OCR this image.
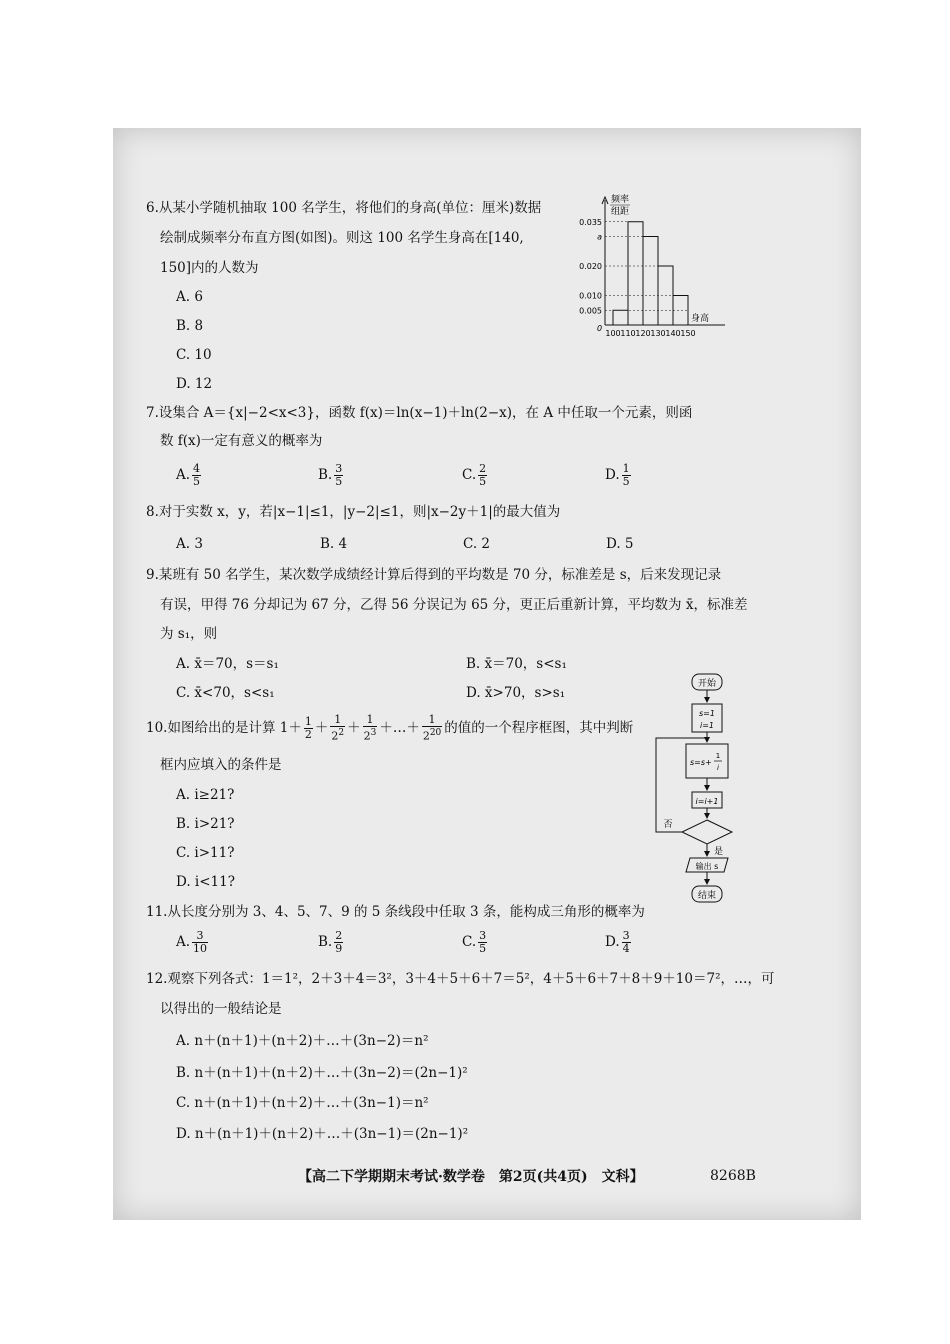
6.从某小学随机抽取 100 名学生，将他们的身高(单位：厘米)数据
绘制成频率分布直方图(如图)。则这 100 名学生身高在[140,
150]内的人数为
A. 6
B. 8
C. 10
D. 12
0.035
a
0.020
0.010
0.005
100 110 120 130 140 150
0
频率
组距
身高
7.设集合 A＝{x|−2<x<3}，函数 f(x)＝ln(x−1)＋ln(2−x)，在 A 中任取一个元素，则函
数 f(x)一定有意义的概率为
A. $\frac{4}{5}$	B. $\frac{3}{5}$	C. $\frac{2}{5}$	D. $\frac{1}{5}$
8.对于实数 x，y，若|x−1|≤1，|y−2|≤1，则|x−2y＋1|的最大值为
A. 3	B. 4	C. 2	D. 5
9.某班有 50 名学生，某次数学成绩经计算后得到的平均数是 70 分，标准差是 s，后来发现记录
有误，甲得 76 分却记为 67 分，乙得 56 分误记为 65 分，更正后重新计算，平均数为 x̄，标准差
为 s₁，则
A. x̄＝70，s＝s₁	B. x̄＝70，s<s₁
C. x̄<70，s<s₁	D. x̄>70，s>s₁
10.如图给出的是计算 $1+ \frac{1}{2} + \frac{1}{2^2} + \frac{1}{2^3}$ ＋…＋ $\frac{1}{2^{20}}$ 的值的一个程序框图，其中判断
框内应填入的条件是
A. i≥21?
B. i>21?
C. i>11?
D. i<11?
开始
s=1
i=1
s=s+
1
i
i=i+1
否
是
输出 s
结束
11.从长度分别为 3、4、5、7、9 的 5 条线段中任取 3 条，能构成三角形的概率为
A. $\frac{3}{10}$	B. $\frac{2}{9}$	C. $\frac{3}{5}$	D. $\frac{3}{4}$
12.观察下列各式：1＝1²，2＋3＋4＝3²，3＋4＋5＋6＋7＝5²，4＋5＋6＋7＋8＋9＋10＝7²，…，可
以得出的一般结论是
A. n＋(n＋1)＋(n＋2)＋…＋(3n−2)＝n²
B. n＋(n＋1)＋(n＋2)＋…＋(3n−2)＝(2n−1)²
C. n＋(n＋1)＋(n＋2)＋…＋(3n−1)＝n²
D. n＋(n＋1)＋(n＋2)＋…＋(3n−1)＝(2n−1)²
【高二下学期期末考试·数学卷　第2页(共4页)　文科】	8268B
